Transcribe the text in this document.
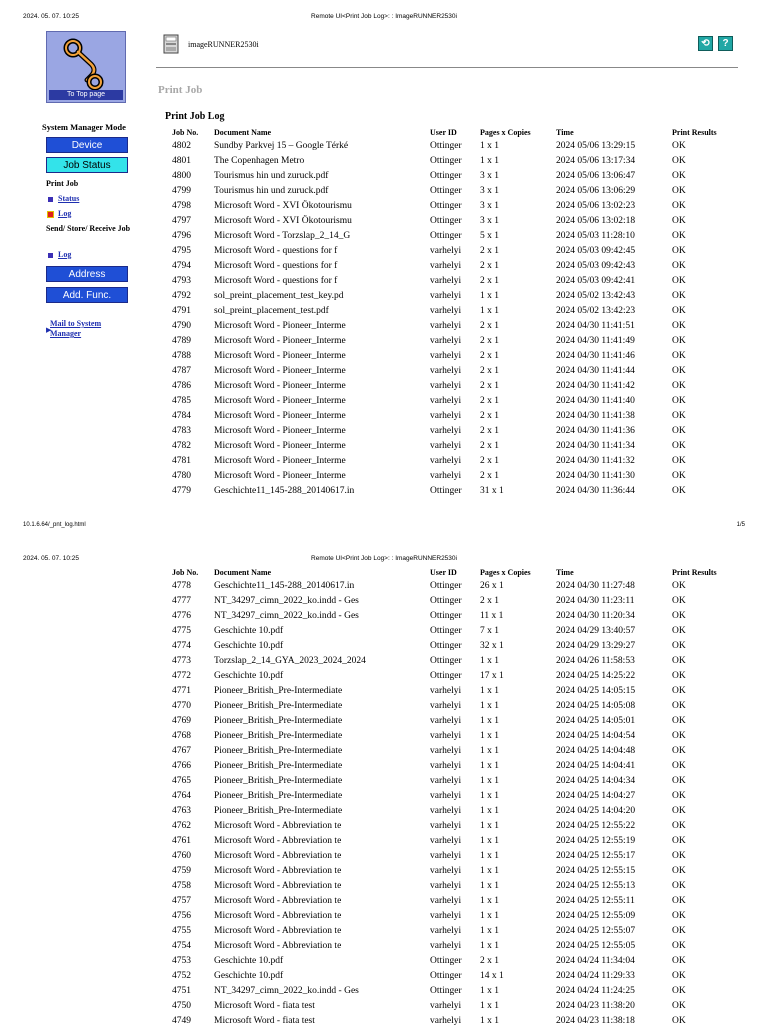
2024. 05. 07. 10:25	Remote UI<Print Job Log>: : ImageRUNNER2530i
To Top page
System Manager Mode
Device
Job Status
Print Job
Status
Log
Send/ Store/ Receive Job
Log
Address
Add. Func.
▶
Mail to System Manager
imageRUNNER2530i	⟲	?
Print Job
Print Job Log
Job No.	Document Name	User ID	Pages x Copies	Time	Print Results
4802	Sundby Parkvej 15 – Google Térké	Ottinger	1 x 1	2024 05/06 13:29:15	OK
4801	The Copenhagen Metro	Ottinger	1 x 1	2024 05/06 13:17:34	OK
4800	Tourismus hin und zuruck.pdf	Ottinger	3 x 1	2024 05/06 13:06:47	OK
4799	Tourismus hin und zuruck.pdf	Ottinger	3 x 1	2024 05/06 13:06:29	OK
4798	Microsoft Word - XVI Ökotourismu	Ottinger	3 x 1	2024 05/06 13:02:23	OK
4797	Microsoft Word - XVI Ökotourismu	Ottinger	3 x 1	2024 05/06 13:02:18	OK
4796	Microsoft Word - Torzslap_2_14_G	Ottinger	5 x 1	2024 05/03 11:28:10	OK
4795	Microsoft Word - questions for f	varhelyi	2 x 1	2024 05/03 09:42:45	OK
4794	Microsoft Word - questions for f	varhelyi	2 x 1	2024 05/03 09:42:43	OK
4793	Microsoft Word - questions for f	varhelyi	2 x 1	2024 05/03 09:42:41	OK
4792	sol_preint_placement_test_key.pd	varhelyi	1 x 1	2024 05/02 13:42:43	OK
4791	sol_preint_placement_test.pdf	varhelyi	1 x 1	2024 05/02 13:42:23	OK
4790	Microsoft Word - Pioneer_Interme	varhelyi	2 x 1	2024 04/30 11:41:51	OK
4789	Microsoft Word - Pioneer_Interme	varhelyi	2 x 1	2024 04/30 11:41:49	OK
4788	Microsoft Word - Pioneer_Interme	varhelyi	2 x 1	2024 04/30 11:41:46	OK
4787	Microsoft Word - Pioneer_Interme	varhelyi	2 x 1	2024 04/30 11:41:44	OK
4786	Microsoft Word - Pioneer_Interme	varhelyi	2 x 1	2024 04/30 11:41:42	OK
4785	Microsoft Word - Pioneer_Interme	varhelyi	2 x 1	2024 04/30 11:41:40	OK
4784	Microsoft Word - Pioneer_Interme	varhelyi	2 x 1	2024 04/30 11:41:38	OK
4783	Microsoft Word - Pioneer_Interme	varhelyi	2 x 1	2024 04/30 11:41:36	OK
4782	Microsoft Word - Pioneer_Interme	varhelyi	2 x 1	2024 04/30 11:41:34	OK
4781	Microsoft Word - Pioneer_Interme	varhelyi	2 x 1	2024 04/30 11:41:32	OK
4780	Microsoft Word - Pioneer_Interme	varhelyi	2 x 1	2024 04/30 11:41:30	OK
4779	Geschichte11_145-288_20140617.in	Ottinger	31 x 1	2024 04/30 11:36:44	OK
10.1.6.64/_pnt_log.html	1/5
2024. 05. 07. 10:25	Remote UI<Print Job Log>: : ImageRUNNER2530i
Job No.	Document Name	User ID	Pages x Copies	Time	Print Results
4778	Geschichte11_145-288_20140617.in	Ottinger	26 x 1	2024 04/30 11:27:48	OK
4777	NT_34297_cimn_2022_ko.indd - Ges	Ottinger	2 x 1	2024 04/30 11:23:11	OK
4776	NT_34297_cimn_2022_ko.indd - Ges	Ottinger	11 x 1	2024 04/30 11:20:34	OK
4775	Geschichte 10.pdf	Ottinger	7 x 1	2024 04/29 13:40:57	OK
4774	Geschichte 10.pdf	Ottinger	32 x 1	2024 04/29 13:29:27	OK
4773	Torzslap_2_14_GYA_2023_2024_2024	Ottinger	1 x 1	2024 04/26 11:58:53	OK
4772	Geschichte 10.pdf	Ottinger	17 x 1	2024 04/25 14:25:22	OK
4771	Pioneer_British_Pre-Intermediate	varhelyi	1 x 1	2024 04/25 14:05:15	OK
4770	Pioneer_British_Pre-Intermediate	varhelyi	1 x 1	2024 04/25 14:05:08	OK
4769	Pioneer_British_Pre-Intermediate	varhelyi	1 x 1	2024 04/25 14:05:01	OK
4768	Pioneer_British_Pre-Intermediate	varhelyi	1 x 1	2024 04/25 14:04:54	OK
4767	Pioneer_British_Pre-Intermediate	varhelyi	1 x 1	2024 04/25 14:04:48	OK
4766	Pioneer_British_Pre-Intermediate	varhelyi	1 x 1	2024 04/25 14:04:41	OK
4765	Pioneer_British_Pre-Intermediate	varhelyi	1 x 1	2024 04/25 14:04:34	OK
4764	Pioneer_British_Pre-Intermediate	varhelyi	1 x 1	2024 04/25 14:04:27	OK
4763	Pioneer_British_Pre-Intermediate	varhelyi	1 x 1	2024 04/25 14:04:20	OK
4762	Microsoft Word - Abbreviation te	varhelyi	1 x 1	2024 04/25 12:55:22	OK
4761	Microsoft Word - Abbreviation te	varhelyi	1 x 1	2024 04/25 12:55:19	OK
4760	Microsoft Word - Abbreviation te	varhelyi	1 x 1	2024 04/25 12:55:17	OK
4759	Microsoft Word - Abbreviation te	varhelyi	1 x 1	2024 04/25 12:55:15	OK
4758	Microsoft Word - Abbreviation te	varhelyi	1 x 1	2024 04/25 12:55:13	OK
4757	Microsoft Word - Abbreviation te	varhelyi	1 x 1	2024 04/25 12:55:11	OK
4756	Microsoft Word - Abbreviation te	varhelyi	1 x 1	2024 04/25 12:55:09	OK
4755	Microsoft Word - Abbreviation te	varhelyi	1 x 1	2024 04/25 12:55:07	OK
4754	Microsoft Word - Abbreviation te	varhelyi	1 x 1	2024 04/25 12:55:05	OK
4753	Geschichte 10.pdf	Ottinger	2 x 1	2024 04/24 11:34:04	OK
4752	Geschichte 10.pdf	Ottinger	14 x 1	2024 04/24 11:29:33	OK
4751	NT_34297_cimn_2022_ko.indd - Ges	Ottinger	1 x 1	2024 04/24 11:24:25	OK
4750	Microsoft Word - fiata test	varhelyi	1 x 1	2024 04/23 11:38:20	OK
4749	Microsoft Word - fiata test	varhelyi	1 x 1	2024 04/23 11:38:18	OK
